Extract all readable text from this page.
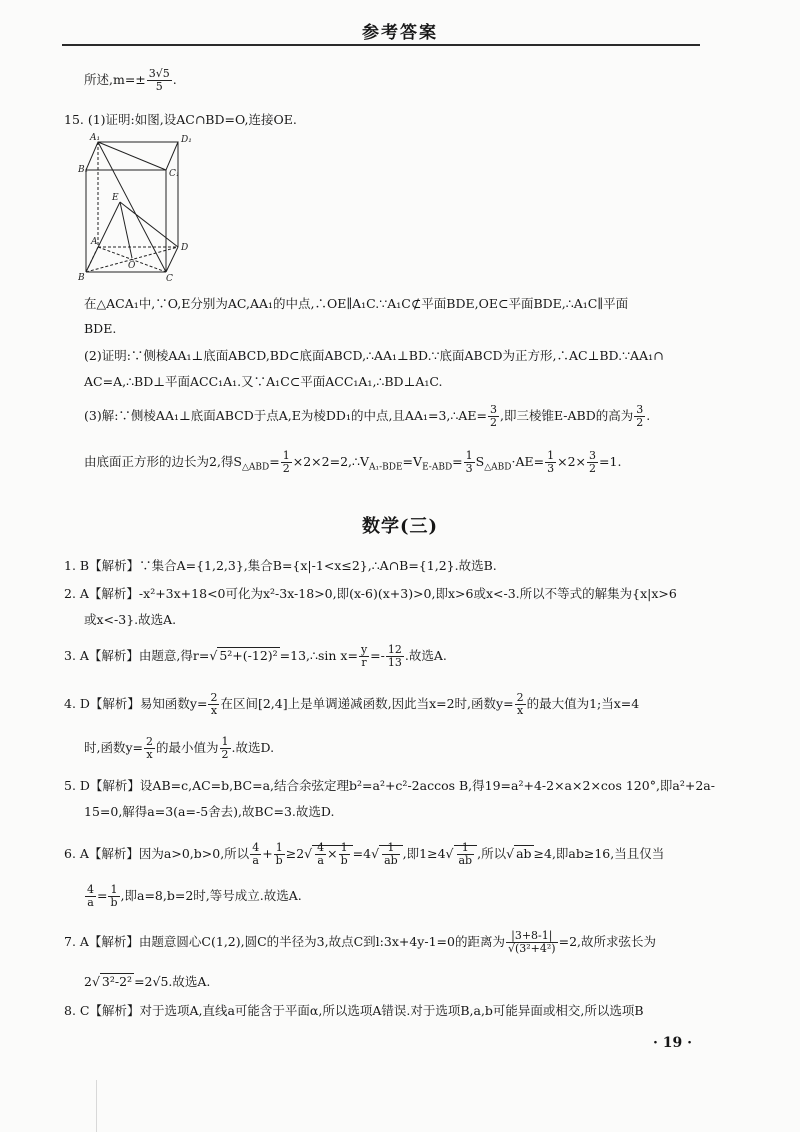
参考答案
所述$,m=\pm \frac{3√5}{5}$ .
15. (1)证明:如图,设AC∩BD=O,连接OE.
A₁	D₁
B₁	C₁
E
A
D
O
B	C
在△ACA₁中,∵O,E分别为AC,AA₁的中点,∴OE∥A₁C.∵A₁C⊄平面BDE,OE⊂平面BDE,∴A₁C∥平面
BDE.
(2)证明:∵侧棱AA₁⊥底面ABCD,BD⊂底面ABCD,∴AA₁⊥BD.∵底面ABCD为正方形,∴AC⊥BD.∵AA₁∩
AC=A,∴BD⊥平面ACC₁A₁.又∵A₁C⊂平面ACC₁A₁,∴BD⊥A₁C.
(3)解:∵侧棱AA₁⊥底面ABCD于点A,E为棱DD₁的中点,且AA₁=3,∴AE= $\frac{3}{2}$ ,即三棱锥E-ABD的高为 $\frac{3}{2}$ .
由底面正方形的边长为2,得$S_{\triangle ABD}= \frac{1}{2}$ $\times 2\times 2=2,\therefore V_{A_1-BDE}=V_{E-ABD}= \frac{1}{3} S_{\triangle ABD}\cdot AE= \frac{1}{3} \times 2\times \frac{3}{2} =1$.
数学(三)
1. B【解析】∵集合A={1,2,3},集合B={x|-1<x≤2},∴A∩B={1,2}.故选B.
2. A【解析】-x²+3x+18<0可化为x²-3x-18>0,即(x-6)(x+3)>0,即x>6或x<-3.所以不等式的解集为{x|x>6
或x<-3}.故选A.
3. A【解析】由题意,得r=√ 5²+(-12)² =13,∴sin $x= \frac{y}{r} =- \frac{12}{13}$ .故选A.
4. D【解析】易知函数$y= \frac{2}{x}$ 在区间[2,4]上是单调递减函数,因此当x=2时,函数$y= \frac{2}{x}$ 的最大值为1;当x=4
时,函数$y= \frac{2}{x}$ 的最小值为 $\frac{1}{2}$ .故选D.
5. D【解析】设AB=c,AC=b,BC=a,结合余弦定理b²=a²+c²-2accos B,得19=a²+4-2×a×2×cos 120°,即a²+2a-
15=0,解得a=3(a=-5舍去),故BC=3.故选D.
6. A【解析】因为a>0,b>0,所以 $\frac{4}{a} + \frac{1}{b} \ge 2√ \frac{4}{a} \times \frac{1}{b} =4√ \frac{1}{ab}$ ,即$1\ge 4√ \frac{1}{ab}$ ,所以√ ab ≥4,即ab≥16,当且仅当
$\frac{4}{a} = \frac{1}{b}$ ,即a=8,b=2时,等号成立.故选A.
7. A【解析】由题意圆心C(1,2),圆C的半径为3,故点C到l:3x+4y-1=0的距离为 $\frac{|3+8-1|}{\text{√(3²+4²)}} =2$,故所求弦长为
2√ 3²-2² =2√5.故选A.
8. C【解析】对于选项A,直线a可能含于平面α,所以选项A错误.对于选项B,a,b可能异面或相交,所以选项B
· 19 ·
